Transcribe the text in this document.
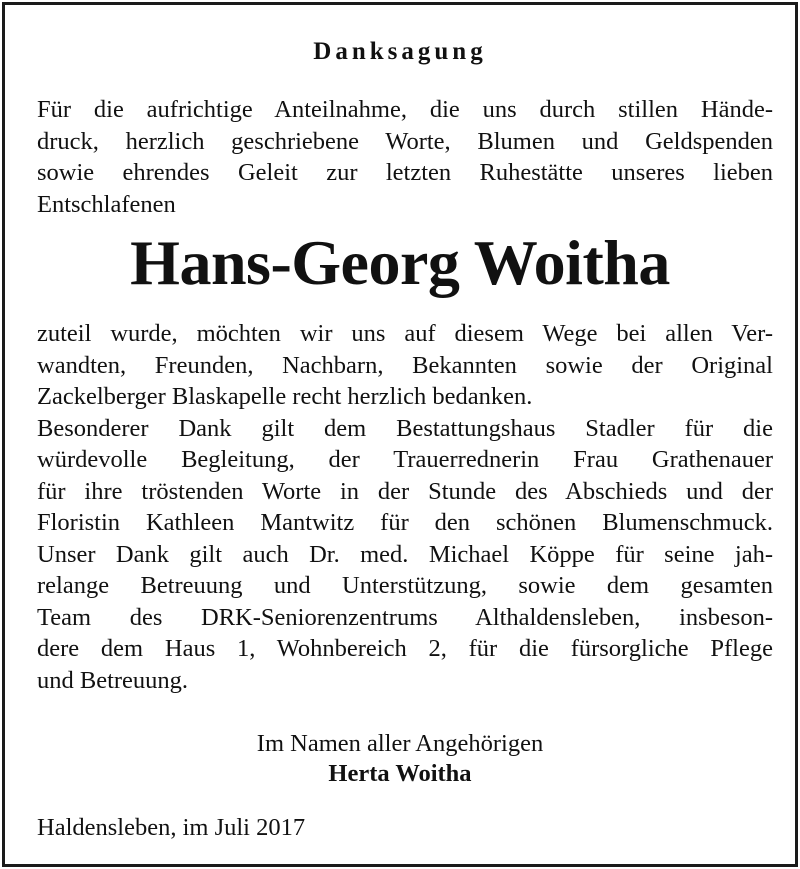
Danksagung
Für die aufrichtige Anteilnahme, die uns durch stillen Hände-
druck, herzlich geschriebene Worte, Blumen und Geldspenden
sowie ehrendes Geleit zur letzten Ruhestätte unseres lieben
Entschlafenen
Hans-Georg Woitha
zuteil wurde, möchten wir uns auf diesem Wege bei allen Ver-
wandten, Freunden, Nachbarn, Bekannten sowie der Original
Zackelberger Blaskapelle recht herzlich bedanken.
Besonderer Dank gilt dem Bestattungshaus Stadler für die
würdevolle Begleitung, der Trauerrednerin Frau Grathenauer
für ihre tröstenden Worte in der Stunde des Abschieds und der
Floristin Kathleen Mantwitz für den schönen Blumenschmuck.
Unser Dank gilt auch Dr. med. Michael Köppe für seine jah-
relange Betreuung und Unterstützung, sowie dem gesamten
Team des DRK-Seniorenzentrums Althaldensleben, insbeson-
dere dem Haus 1, Wohnbereich 2, für die fürsorgliche Pflege
und Betreuung.
Im Namen aller Angehörigen
Herta Woitha
Haldensleben, im Juli 2017
